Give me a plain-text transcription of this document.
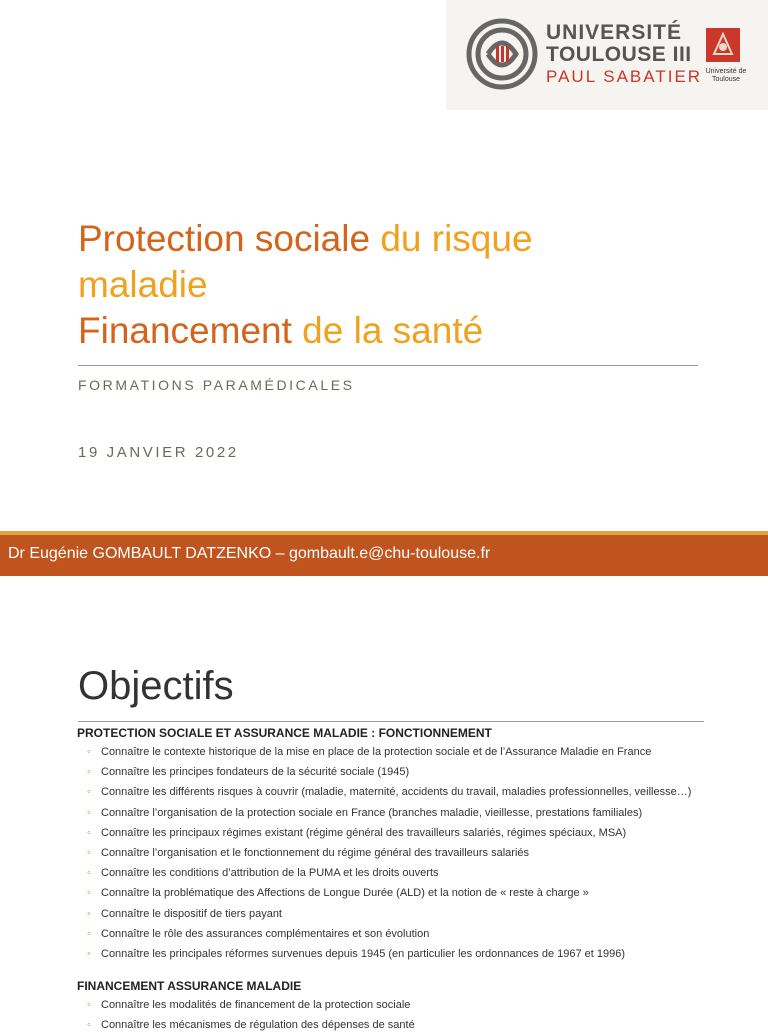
UNIVERSITÉ
TOULOUSE III
PAUL SABATIER Université de Toulouse
Protection sociale du risque
maladie
Financement de la santé
FORMATIONS PARAMÉDICALES
19 JANVIER 2022
Dr Eugénie GOMBAULT DATZENKO – gombault.e@chu-toulouse.fr
Objectifs
PROTECTION SOCIALE ET ASSURANCE MALADIE : FONCTIONNEMENT
◦ Connaître le contexte historique de la mise en place de la protection sociale et de l’Assurance Maladie en France
◦ Connaître les principes fondateurs de la sécurité sociale (1945)
◦ Connaître les différents risques à couvrir (maladie, maternité, accidents du travail, maladies professionnelles, veillesse…)
◦ Connaître l’organisation de la protection sociale en France (branches maladie, vieillesse, prestations familiales)
◦ Connaître les principaux régimes existant (régime général des travailleurs salariés, régimes spéciaux, MSA)
◦ Connaître l’organisation et le fonctionnement du régime général des travailleurs salariés
◦ Connaître les conditions d’attribution de la PUMA et les droits ouverts
◦ Connaître la problématique des Affections de Longue Durée (ALD) et la notion de « reste à charge »
◦ Connaître le dispositif de tiers payant
◦ Connaître le rôle des assurances complémentaires et son évolution
◦ Connaître les principales réformes survenues depuis 1945 (en particulier les ordonnances de 1967 et 1996)
FINANCEMENT ASSURANCE MALADIE
◦ Connaître les modalités de financement de la protection sociale
◦ Connaître les mécanismes de régulation des dépenses de santé
